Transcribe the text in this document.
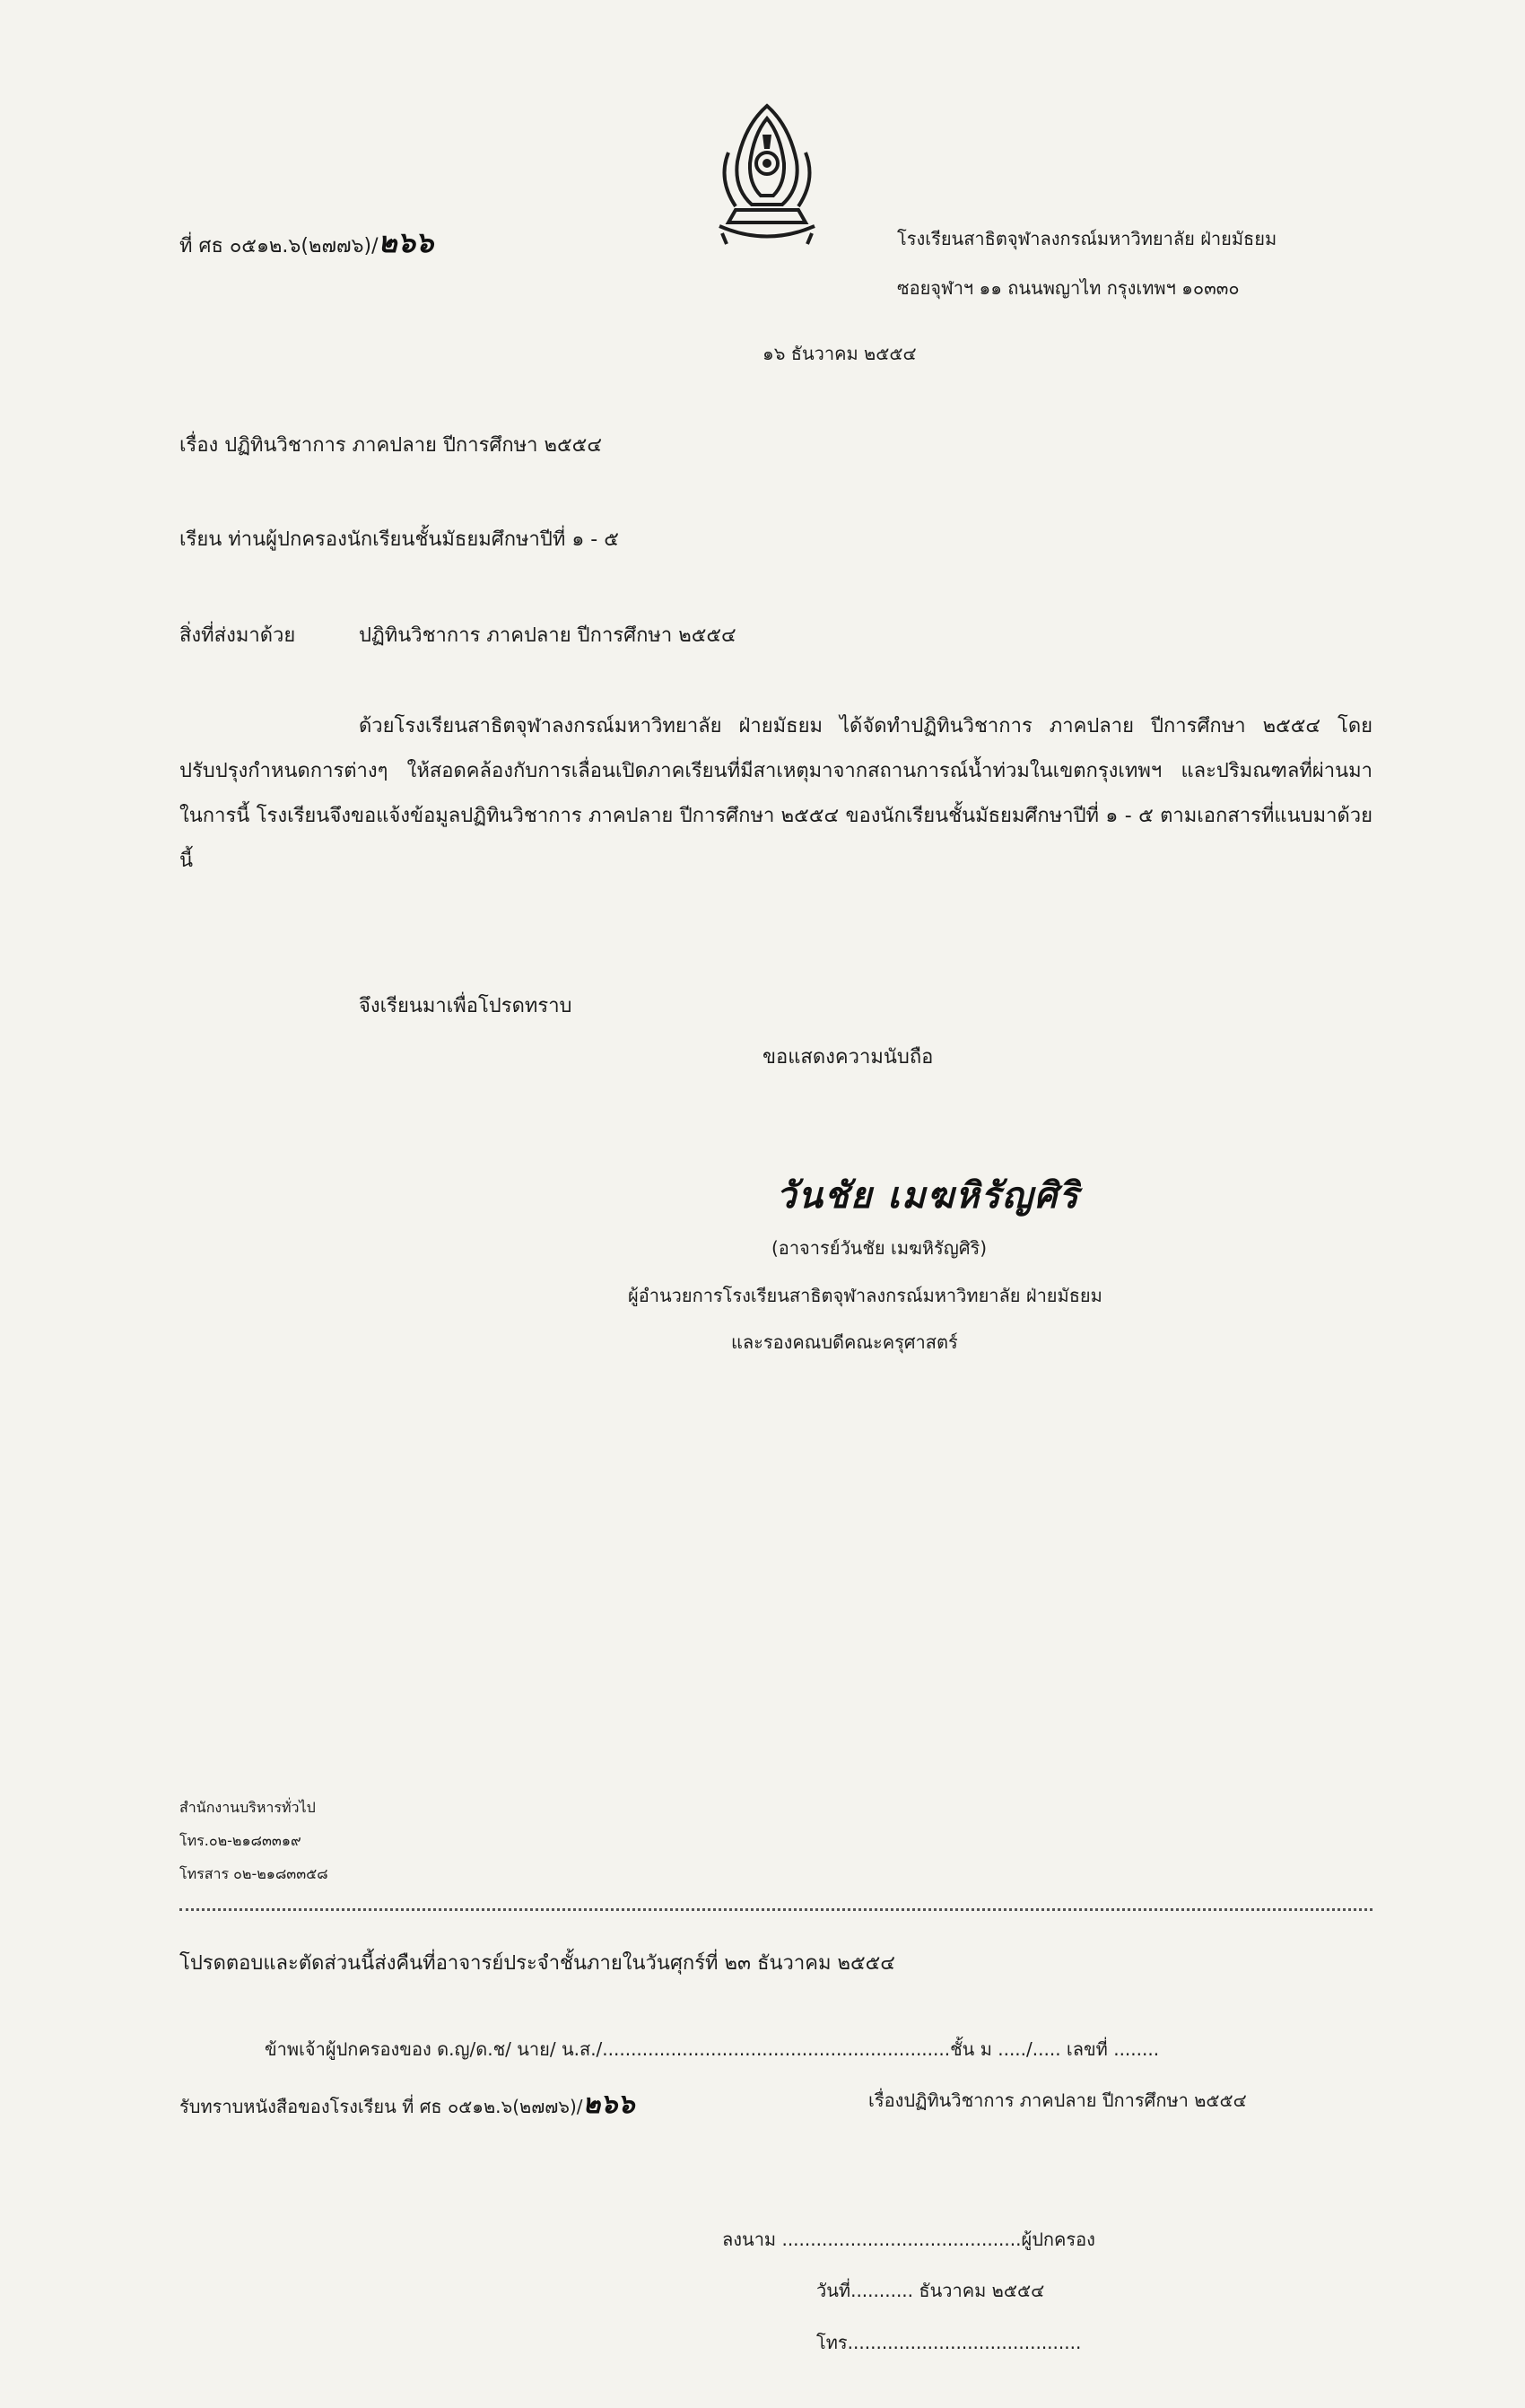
ที่ ศธ ๐๕๑๒.๖(๒๗๗๖)/๒๖๖	โรงเรียนสาธิตจุฬาลงกรณ์มหาวิทยาลัย ฝ่ายมัธยม
ซอยจุฬาฯ ๑๑ ถนนพญาไท กรุงเทพฯ ๑๐๓๓๐
๑๖ ธันวาคม ๒๕๕๔
เรื่อง ปฏิทินวิชาการ ภาคปลาย ปีการศึกษา ๒๕๕๔
เรียน ท่านผู้ปกครองนักเรียนชั้นมัธยมศึกษาปีที่ ๑ - ๕
สิ่งที่ส่งมาด้วย	ปฏิทินวิชาการ ภาคปลาย ปีการศึกษา ๒๕๕๔
ด้วยโรงเรียนสาธิตจุฬาลงกรณ์มหาวิทยาลัย ฝ่ายมัธยม ได้จัดทำปฏิทินวิชาการ ภาคปลาย ปีการศึกษา ๒๕๕๔ โดยปรับปรุงกำหนดการต่างๆ ให้สอดคล้องกับการเลื่อนเปิดภาคเรียนที่มีสาเหตุมาจากสถานการณ์น้ำท่วมในเขตกรุงเทพฯ และปริมณฑลที่ผ่านมา ในการนี้ โรงเรียนจึงขอแจ้งข้อมูลปฏิทินวิชาการ ภาคปลาย ปีการศึกษา ๒๕๕๔ ของนักเรียนชั้นมัธยมศึกษาปีที่ ๑ - ๕ ตามเอกสารที่แนบมาด้วยนี้
จึงเรียนมาเพื่อโปรดทราบ
ขอแสดงความนับถือ
วันชัย เมฆหิรัญศิริ
(อาจารย์วันชัย เมฆหิรัญศิริ)
ผู้อำนวยการโรงเรียนสาธิตจุฬาลงกรณ์มหาวิทยาลัย ฝ่ายมัธยม
และรองคณบดีคณะครุศาสตร์
สำนักงานบริหารทั่วไป
โทร.๐๒-๒๑๘๓๓๑๙
โทรสาร ๐๒-๒๑๘๓๓๕๘
โปรดตอบและตัดส่วนนี้ส่งคืนที่อาจารย์ประจำชั้นภายในวันศุกร์ที่ ๒๓ ธันวาคม ๒๕๕๔
ข้าพเจ้าผู้ปกครองของ ด.ญ/ด.ช/ นาย/ น.ส./.............................................................ชั้น ม ...../..... เลขที่ ........
รับทราบหนังสือของโรงเรียน ที่ ศธ ๐๕๑๒.๖(๒๗๗๖)/๒๖๖	เรื่องปฏิทินวิชาการ ภาคปลาย ปีการศึกษา ๒๕๕๔
ลงนาม ..........................................ผู้ปกครอง
วันที่........... ธันวาคม ๒๕๕๔
โทร.........................................
